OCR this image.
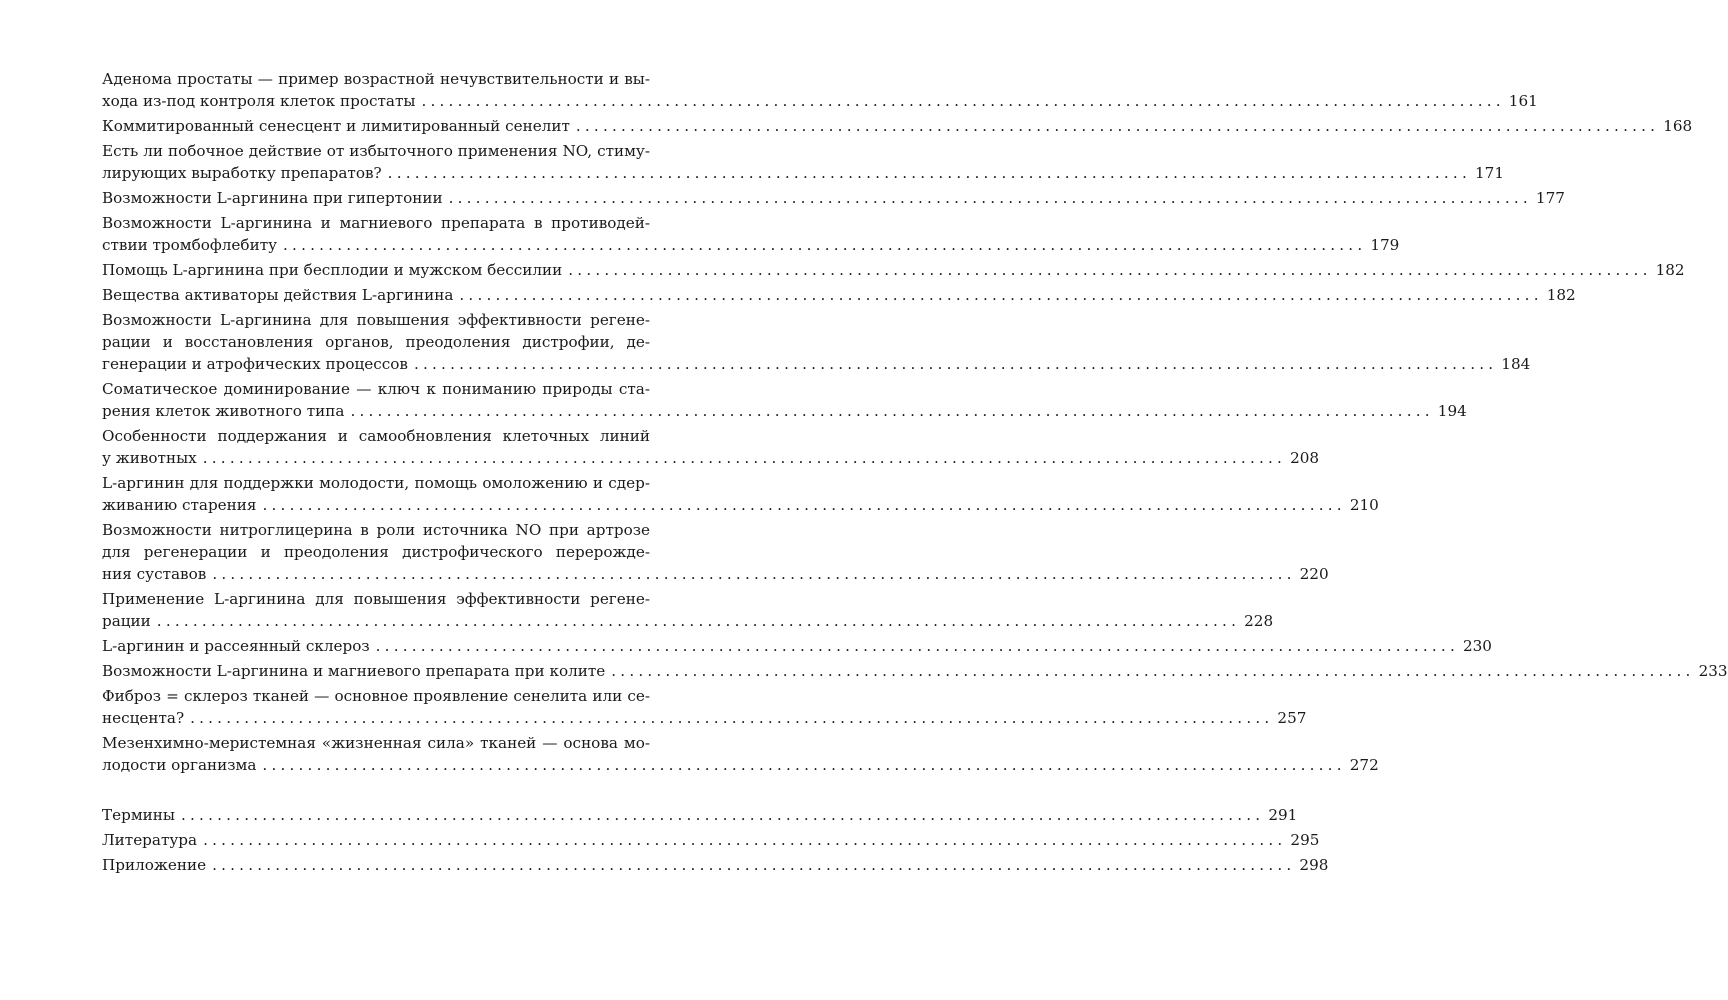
Аденома простаты — пример возрастной нечувствительности и вы-
хода из-под контроля клеток простаты ........................................................................................................................ 161
Коммитированный сенесцент и лимитированный сенелит ........................................................................................................................ 168
Есть ли побочное действие от избыточного применения NO, стиму-
лирующих выработку препаратов? ........................................................................................................................ 171
Возможности L-аргинина при гипертонии ........................................................................................................................ 177
Возможности L-аргинина и магниевого препарата в противодей-
ствии тромбофлебиту ........................................................................................................................ 179
Помощь L-аргинина при бесплодии и мужском бессилии ........................................................................................................................ 182
Вещества активаторы действия L-аргинина ........................................................................................................................ 182
Возможности L-аргинина для повышения эффективности регене-
рации и восстановления органов, преодоления дистрофии, де-
генерации и атрофических процессов ........................................................................................................................ 184
Соматическое доминирование — ключ к пониманию природы ста-
рения клеток животного типа ........................................................................................................................ 194
Особенности поддержания и самообновления клеточных линий
у животных ........................................................................................................................ 208
L-аргинин для поддержки молодости, помощь омоложению и сдер-
живанию старения ........................................................................................................................ 210
Возможности нитроглицерина в роли источника NO при артрозе
для регенерации и преодоления дистрофического перерожде-
ния суставов ........................................................................................................................ 220
Применение L-аргинина для повышения эффективности регене-
рации ........................................................................................................................ 228
L-аргинин и рассеянный склероз ........................................................................................................................ 230
Возможности L-аргинина и магниевого препарата при колите ........................................................................................................................ 233
Фиброз = склероз тканей — основное проявление сенелита или се-
несцента? ........................................................................................................................ 257
Мезенхимно-меристемная «жизненная сила» тканей — основа мо-
лодости организма ........................................................................................................................ 272
Термины ........................................................................................................................ 291
Литература ........................................................................................................................ 295
Приложение ........................................................................................................................ 298
